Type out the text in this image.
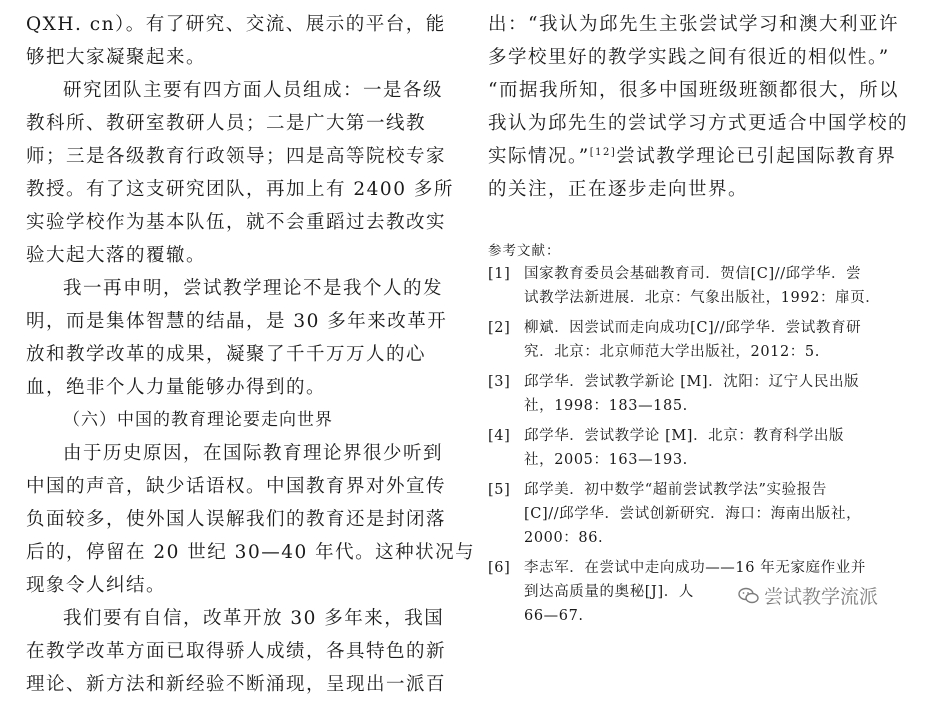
QXH. cn）。有了研究、交流、展示的平台，能
够把大家凝聚起来。
研究团队主要有四方面人员组成：一是各级
教科所、教研室教研人员；二是广大第一线教
师；三是各级教育行政领导；四是高等院校专家
教授。有了这支研究团队，再加上有 2400 多所
实验学校作为基本队伍，就不会重蹈过去教改实
验大起大落的覆辙。
我一再申明，尝试教学理论不是我个人的发
明，而是集体智慧的结晶，是 30 多年来改革开
放和教学改革的成果，凝聚了千千万万人的心
血，绝非个人力量能够办得到的。
（六）中国的教育理论要走向世界
由于历史原因，在国际教育理论界很少听到
中国的声音，缺少话语权。中国教育界对外宣传
负面较多，使外国人误解我们的教育还是封闭落
后的，停留在 20 世纪 30—40 年代。这种状况与
现象令人纠结。
我们要有自信，改革开放 30 多年来，我国
在教学改革方面已取得骄人成绩，各具特色的新
理论、新方法和新经验不断涌现，呈现出一派百
出：“我认为邱先生主张尝试学习和澳大利亚许
多学校里好的教学实践之间有很近的相似性。”
“而据我所知，很多中国班级班额都很大，所以
我认为邱先生的尝试学习方式更适合中国学校的
实际情况。”[12]尝试教学理论已引起国际教育界
的关注，正在逐步走向世界。
参考文献：
[1] 国家教育委员会基础教育司．贺信[C]//邱学华．尝
试教学法新进展．北京：气象出版社，1992：扉页．
[2] 柳斌．因尝试而走向成功[C]//邱学华．尝试教育研
究．北京：北京师范大学出版社，2012：5.
[3] 邱学华．尝试教学新论 [M]．沈阳：辽宁人民出版
社，1998：183—185.
[4] 邱学华．尝试教学论 [M]．北京：教育科学出版
社，2005：163—193.
[5] 邱学美．初中数学“超前尝试教学法”实验报告
[C]//邱学华．尝试创新研究．海口：海南出版社，
2000：86.
[6] 李志军．在尝试中走向成功——16 年无家庭作业并
到达高质量的奥秘[J]．人
66—67.
尝试教学流派
